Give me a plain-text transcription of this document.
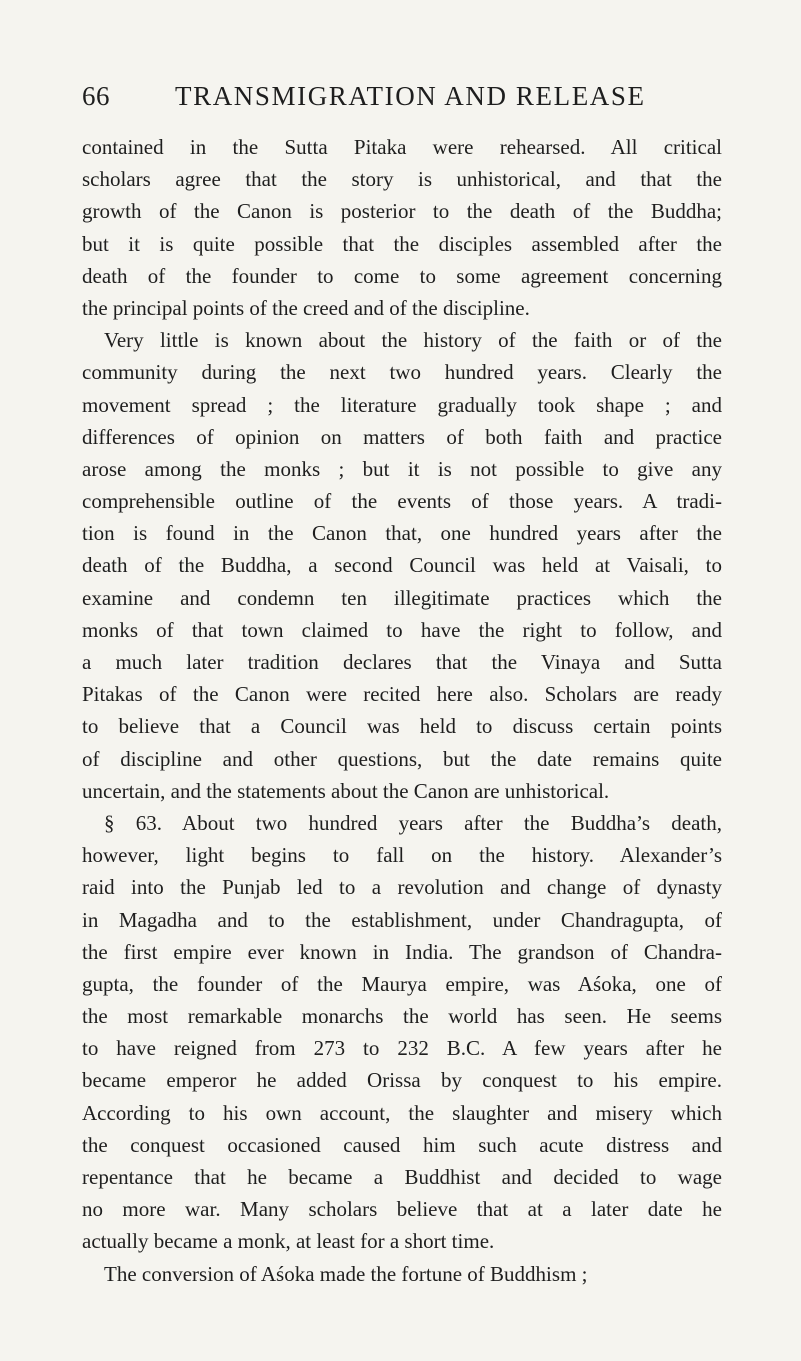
66 TRANSMIGRATION AND RELEASE
contained in the Sutta Pitaka were rehearsed. All critical
scholars agree that the story is unhistorical, and that the
growth of the Canon is posterior to the death of the Buddha;
but it is quite possible that the disciples assembled after the
death of the founder to come to some agreement concerning
the principal points of the creed and of the discipline.
Very little is known about the history of the faith or of the
community during the next two hundred years. Clearly the
movement spread ; the literature gradually took shape ; and
differences of opinion on matters of both faith and practice
arose among the monks ; but it is not possible to give any
comprehensible outline of the events of those years. A tradi-
tion is found in the Canon that, one hundred years after the
death of the Buddha, a second Council was held at Vaisali, to
examine and condemn ten illegitimate practices which the
monks of that town claimed to have the right to follow, and
a much later tradition declares that the Vinaya and Sutta
Pitakas of the Canon were recited here also. Scholars are ready
to believe that a Council was held to discuss certain points
of discipline and other questions, but the date remains quite
uncertain, and the statements about the Canon are unhistorical.
§ 63. About two hundred years after the Buddha’s death,
however, light begins to fall on the history. Alexander’s
raid into the Punjab led to a revolution and change of dynasty
in Magadha and to the establishment, under Chandragupta, of
the first empire ever known in India. The grandson of Chandra-
gupta, the founder of the Maurya empire, was Aśoka, one of
the most remarkable monarchs the world has seen. He seems
to have reigned from 273 to 232 B.C. A few years after he
became emperor he added Orissa by conquest to his empire.
According to his own account, the slaughter and misery which
the conquest occasioned caused him such acute distress and
repentance that he became a Buddhist and decided to wage
no more war. Many scholars believe that at a later date he
actually became a monk, at least for a short time.
The conversion of Aśoka made the fortune of Buddhism ;
